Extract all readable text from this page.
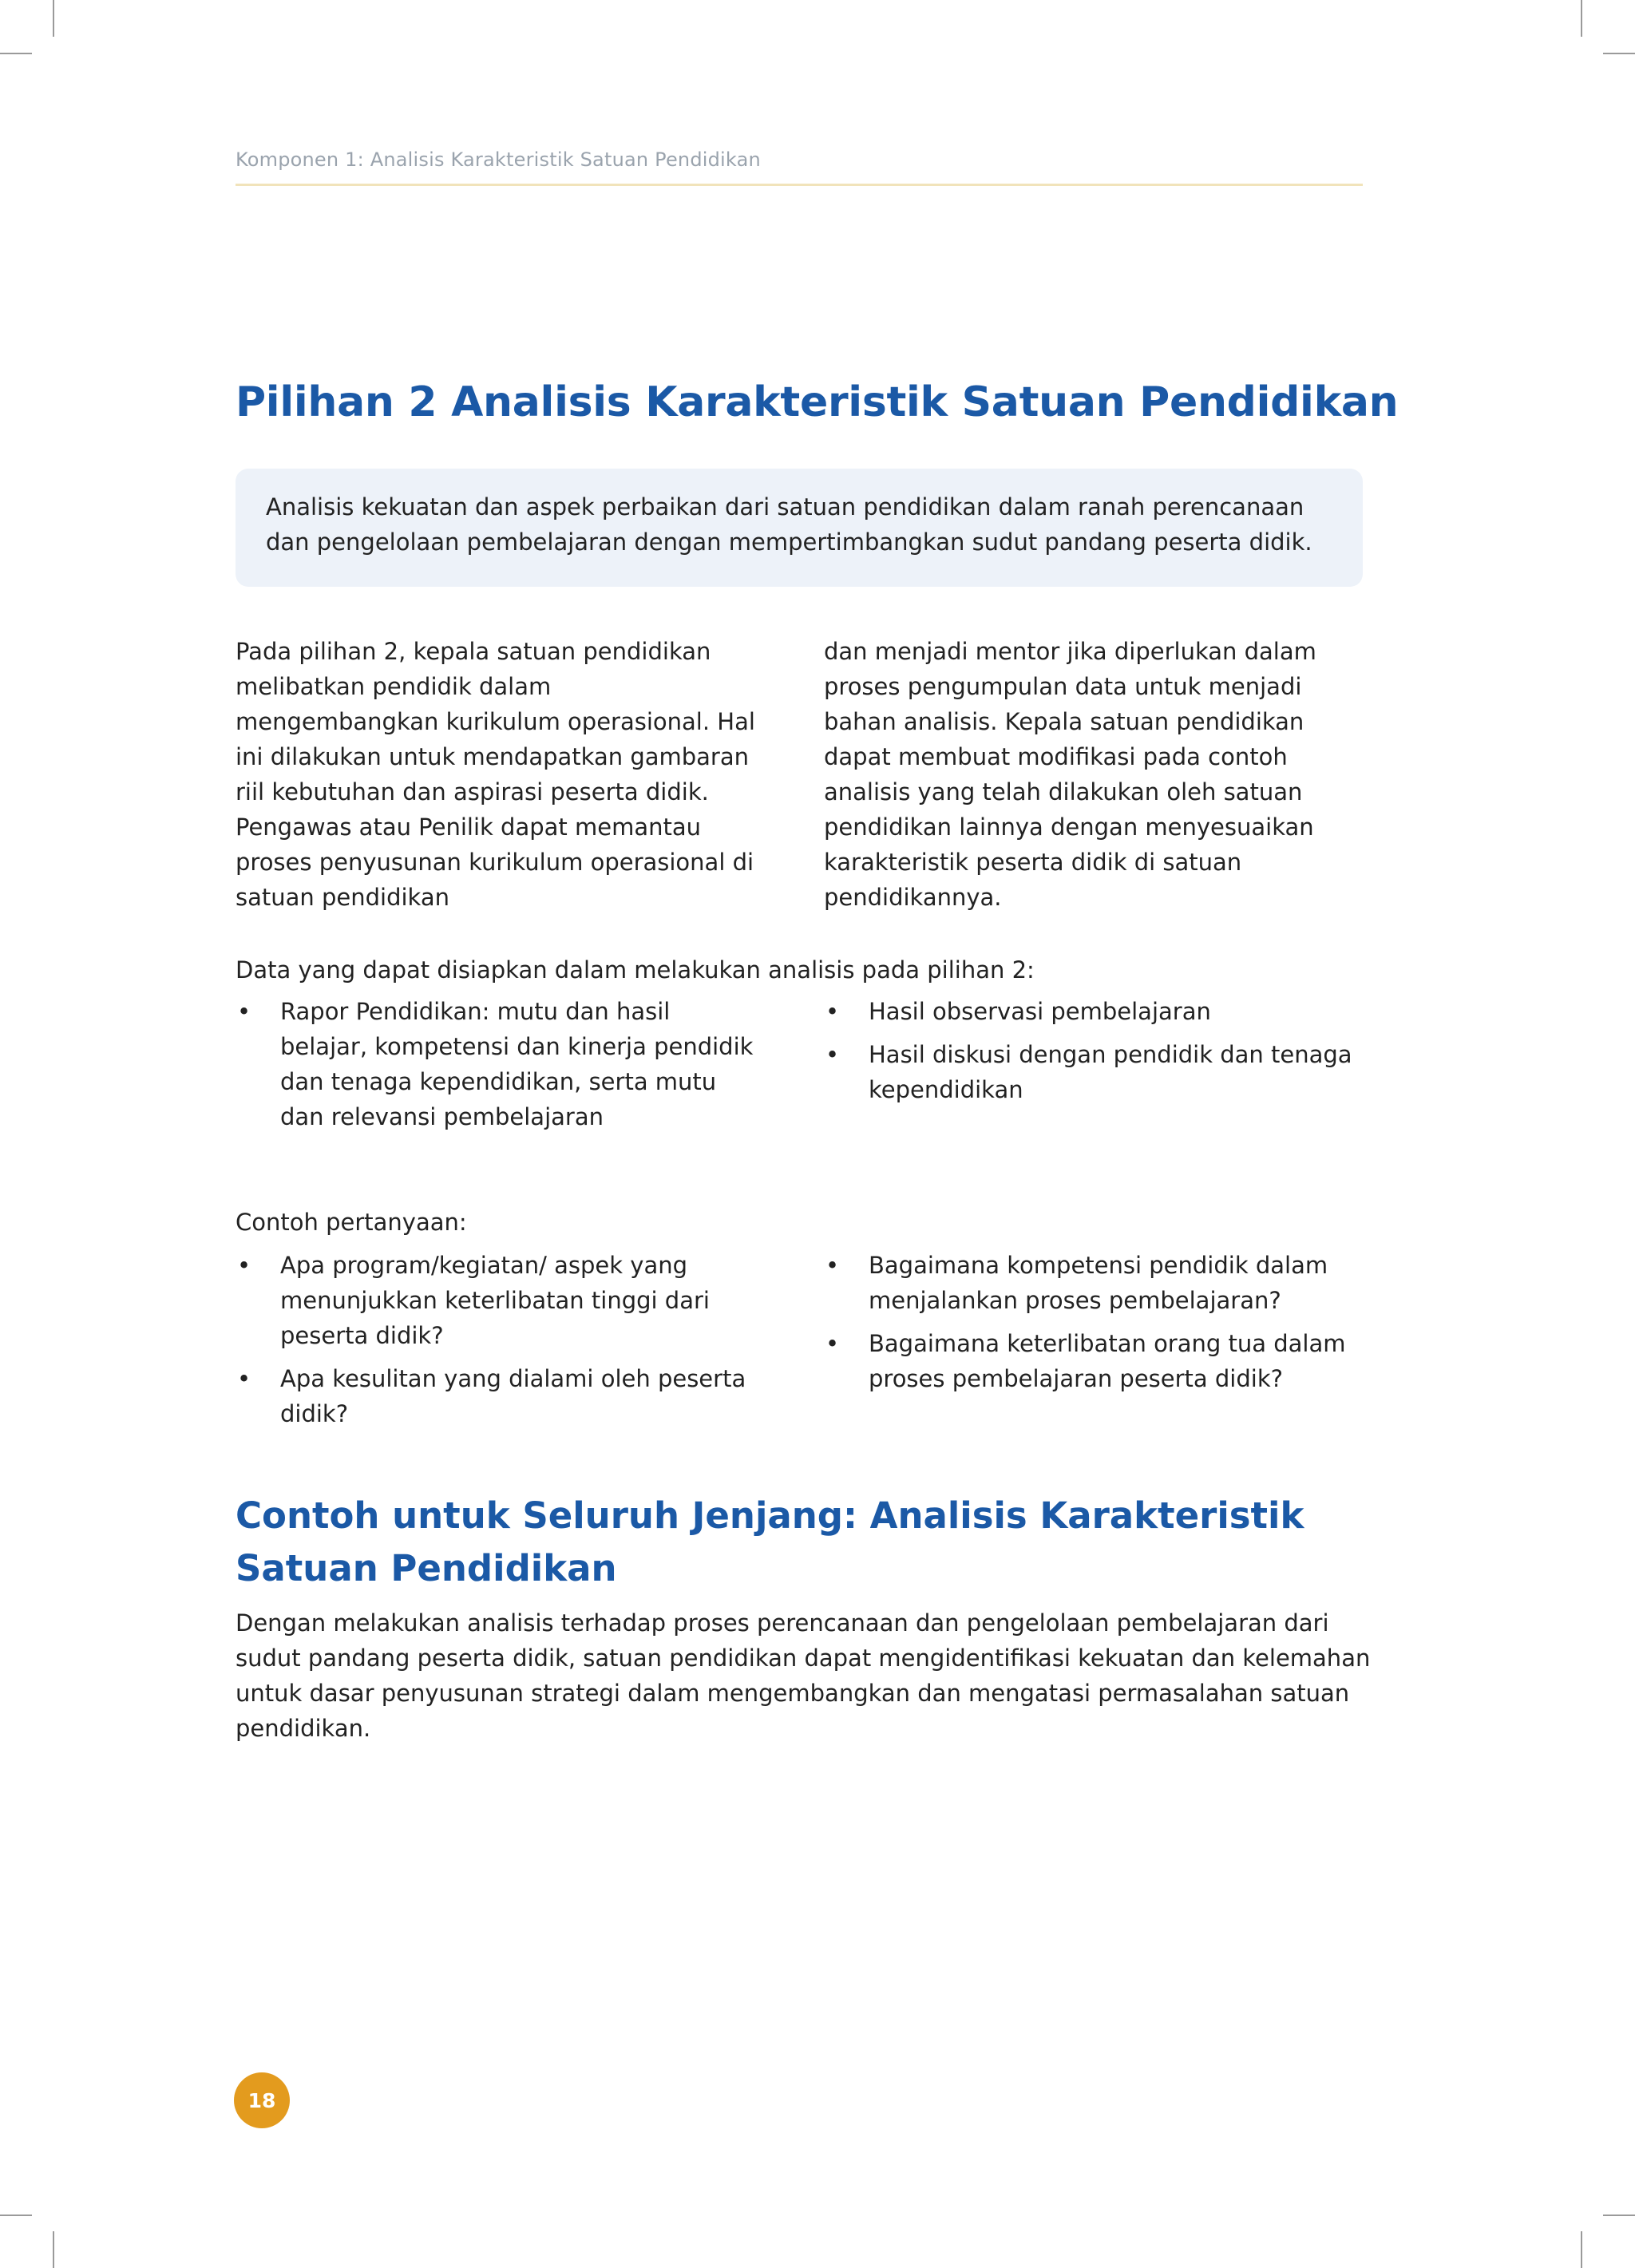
Komponen 1: Analisis Karakteristik Satuan Pendidikan
Pilihan 2 Analisis Karakteristik Satuan Pendidikan

Analisis kekuatan dan aspek perbaikan dari satuan pendidikan dalam ranah perencanaan dan pengelolaan pembelajaran dengan mempertimbangkan sudut pandang peserta didik.

Pada pilihan 2, kepala satuan pendidikan melibatkan pendidik dalam mengembangkan kurikulum operasional. Hal ini dilakukan untuk mendapatkan gambaran riil kebutuhan dan aspirasi peserta didik. Pengawas atau Penilik dapat memantau proses penyusunan kurikulum operasional di satuan pendidikan

dan menjadi mentor jika diperlukan dalam proses pengumpulan data untuk menjadi bahan analisis. Kepala satuan pendidikan dapat membuat modifikasi pada contoh analisis yang telah dilakukan oleh satuan pendidikan lainnya dengan menyesuaikan karakteristik peserta didik di satuan pendidikannya.

Data yang dapat disiapkan dalam melakukan analisis pada pilihan 2:

• Rapor Pendidikan: mutu dan hasil belajar, kompetensi dan kinerja pendidik dan tenaga kependidikan, serta mutu dan relevansi pembelajaran
• Hasil observasi pembelajaran
• Hasil diskusi dengan pendidik dan tenaga kependidikan

Contoh pertanyaan:

• Apa program/kegiatan/ aspek yang menunjukkan keterlibatan tinggi dari peserta didik?
• Apa kesulitan yang dialami oleh peserta didik?
• Bagaimana kompetensi pendidik dalam menjalankan proses pembelajaran?
• Bagaimana keterlibatan orang tua dalam proses pembelajaran peserta didik?
Contoh untuk Seluruh Jenjang: Analisis Karakteristik Satuan Pendidikan

Dengan melakukan analisis terhadap proses perencanaan dan pengelolaan pembelajaran dari sudut pandang peserta didik, satuan pendidikan dapat mengidentifikasi kekuatan dan kelemahan untuk dasar penyusunan strategi dalam mengembangkan dan mengatasi permasalahan satuan pendidikan.

18
